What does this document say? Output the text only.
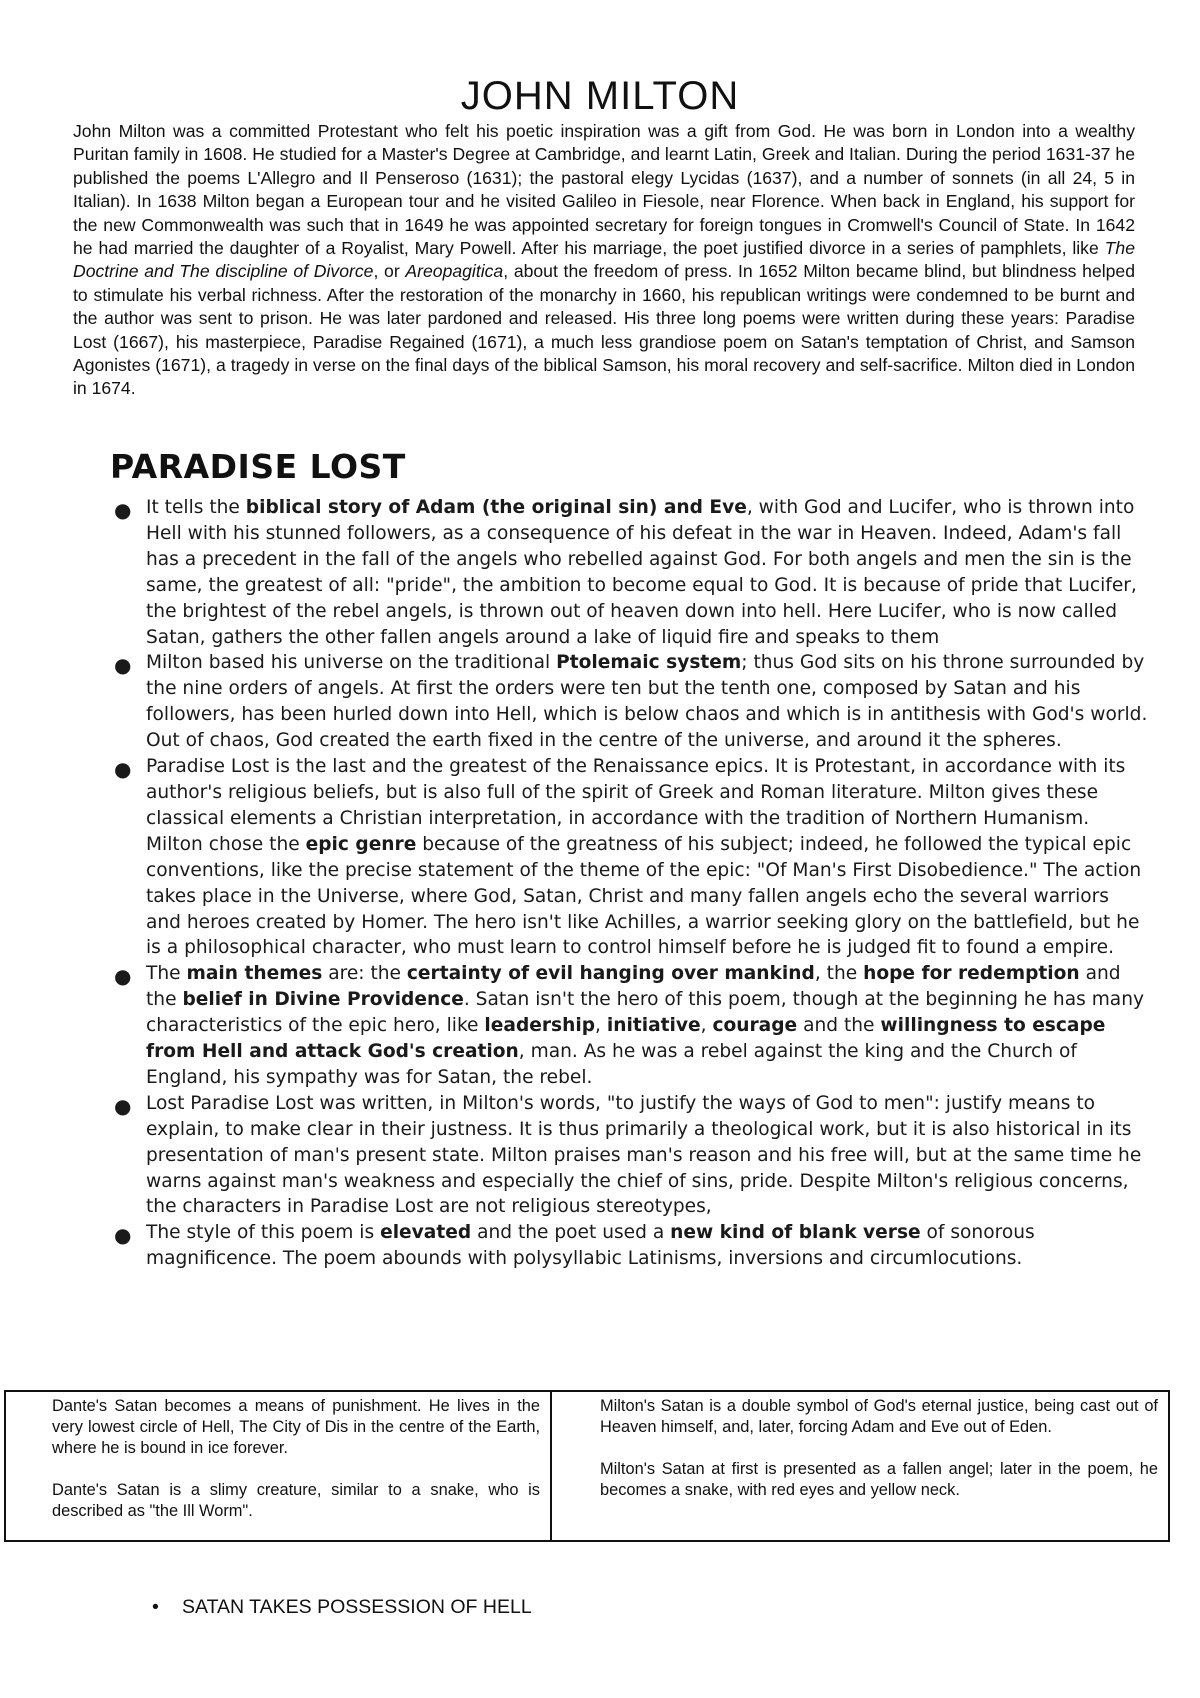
JOHN MILTON

John Milton was a committed Protestant who felt his poetic inspiration was a gift from God. He was born in London into a wealthy Puritan family in 1608. He studied for a Master's Degree at Cambridge, and learnt Latin, Greek and Italian. During the period 1631-37 he published the poems L'Allegro and Il Penseroso (1631); the pastoral elegy Lycidas (1637), and a number of sonnets (in all 24, 5 in Italian). In 1638 Milton began a European tour and he visited Galileo in Fiesole, near Florence. When back in England, his support for the new Commonwealth was such that in 1649 he was appointed secretary for foreign tongues in Cromwell's Council of State. In 1642 he had married the daughter of a Royalist, Mary Powell. After his marriage, the poet justified divorce in a series of pamphlets, like The Doctrine and The discipline of Divorce, or Areopagitica, about the freedom of press. In 1652 Milton became blind, but blindness helped to stimulate his verbal richness. After the restoration of the monarchy in 1660, his republican writings were condemned to be burnt and the author was sent to prison. He was later pardoned and released. His three long poems were written during these years: Paradise Lost (1667), his masterpiece, Paradise Regained (1671), a much less grandiose poem on Satan's temptation of Christ, and Samson Agonistes (1671), a tragedy in verse on the final days of the biblical Samson, his moral recovery and self-sacrifice. Milton died in London in 1674.

PARADISE LOST
● It tells the biblical story of Adam (the original sin) and Eve, with God and Lucifer, who is thrown into Hell with his stunned followers, as a consequence of his defeat in the war in Heaven. Indeed, Adam's fall has a precedent in the fall of the angels who rebelled against God. For both angels and men the sin is the same, the greatest of all: "pride", the ambition to become equal to God. It is because of pride that Lucifer, the brightest of the rebel angels, is thrown out of heaven down into hell. Here Lucifer, who is now called Satan, gathers the other fallen angels around a lake of liquid fire and speaks to them
● Milton based his universe on the traditional Ptolemaic system; thus God sits on his throne surrounded by the nine orders of angels. At first the orders were ten but the tenth one, composed by Satan and his followers, has been hurled down into Hell, which is below chaos and which is in antithesis with God's world. Out of chaos, God created the earth fixed in the centre of the universe, and around it the spheres.
● Paradise Lost is the last and the greatest of the Renaissance epics. It is Protestant, in accordance with its author's religious beliefs, but is also full of the spirit of Greek and Roman literature. Milton gives these classical elements a Christian interpretation, in accordance with the tradition of Northern Humanism. Milton chose the epic genre because of the greatness of his subject; indeed, he followed the typical epic conventions, like the precise statement of the theme of the epic: "Of Man's First Disobedience." The action takes place in the Universe, where God, Satan, Christ and many fallen angels echo the several warriors and heroes created by Homer. The hero isn't like Achilles, a warrior seeking glory on the battlefield, but he is a philosophical character, who must learn to control himself before he is judged fit to found a empire.
● The main themes are: the certainty of evil hanging over mankind, the hope for redemption and the belief in Divine Providence. Satan isn't the hero of this poem, though at the beginning he has many characteristics of the epic hero, like leadership, initiative, courage and the willingness to escape from Hell and attack God's creation, man. As he was a rebel against the king and the Church of England, his sympathy was for Satan, the rebel.
● Lost Paradise Lost was written, in Milton's words, "to justify the ways of God to men": justify means to explain, to make clear in their justness. It is thus primarily a theological work, but it is also historical in its presentation of man's present state. Milton praises man's reason and his free will, but at the same time he warns against man's weakness and especially the chief of sins, pride. Despite Milton's religious concerns, the characters in Paradise Lost are not religious stereotypes,
● The style of this poem is elevated and the poet used a new kind of blank verse of sonorous magnificence. The poem abounds with polysyllabic Latinisms, inversions and circumlocutions.

Dante's Satan becomes a means of punishment. He lives in the very lowest circle of Hell, The City of Dis in the centre of the Earth, where he is bound in ice forever.

Dante's Satan is a slimy creature, similar to a snake, who is described as "the Ill Worm".

Milton's Satan is a double symbol of God's eternal justice, being cast out of Heaven himself, and, later, forcing Adam and Eve out of Eden.

Milton's Satan at first is presented as a fallen angel; later in the poem, he becomes a snake, with red eyes and yellow neck.

• SATAN TAKES POSSESSION OF HELL
